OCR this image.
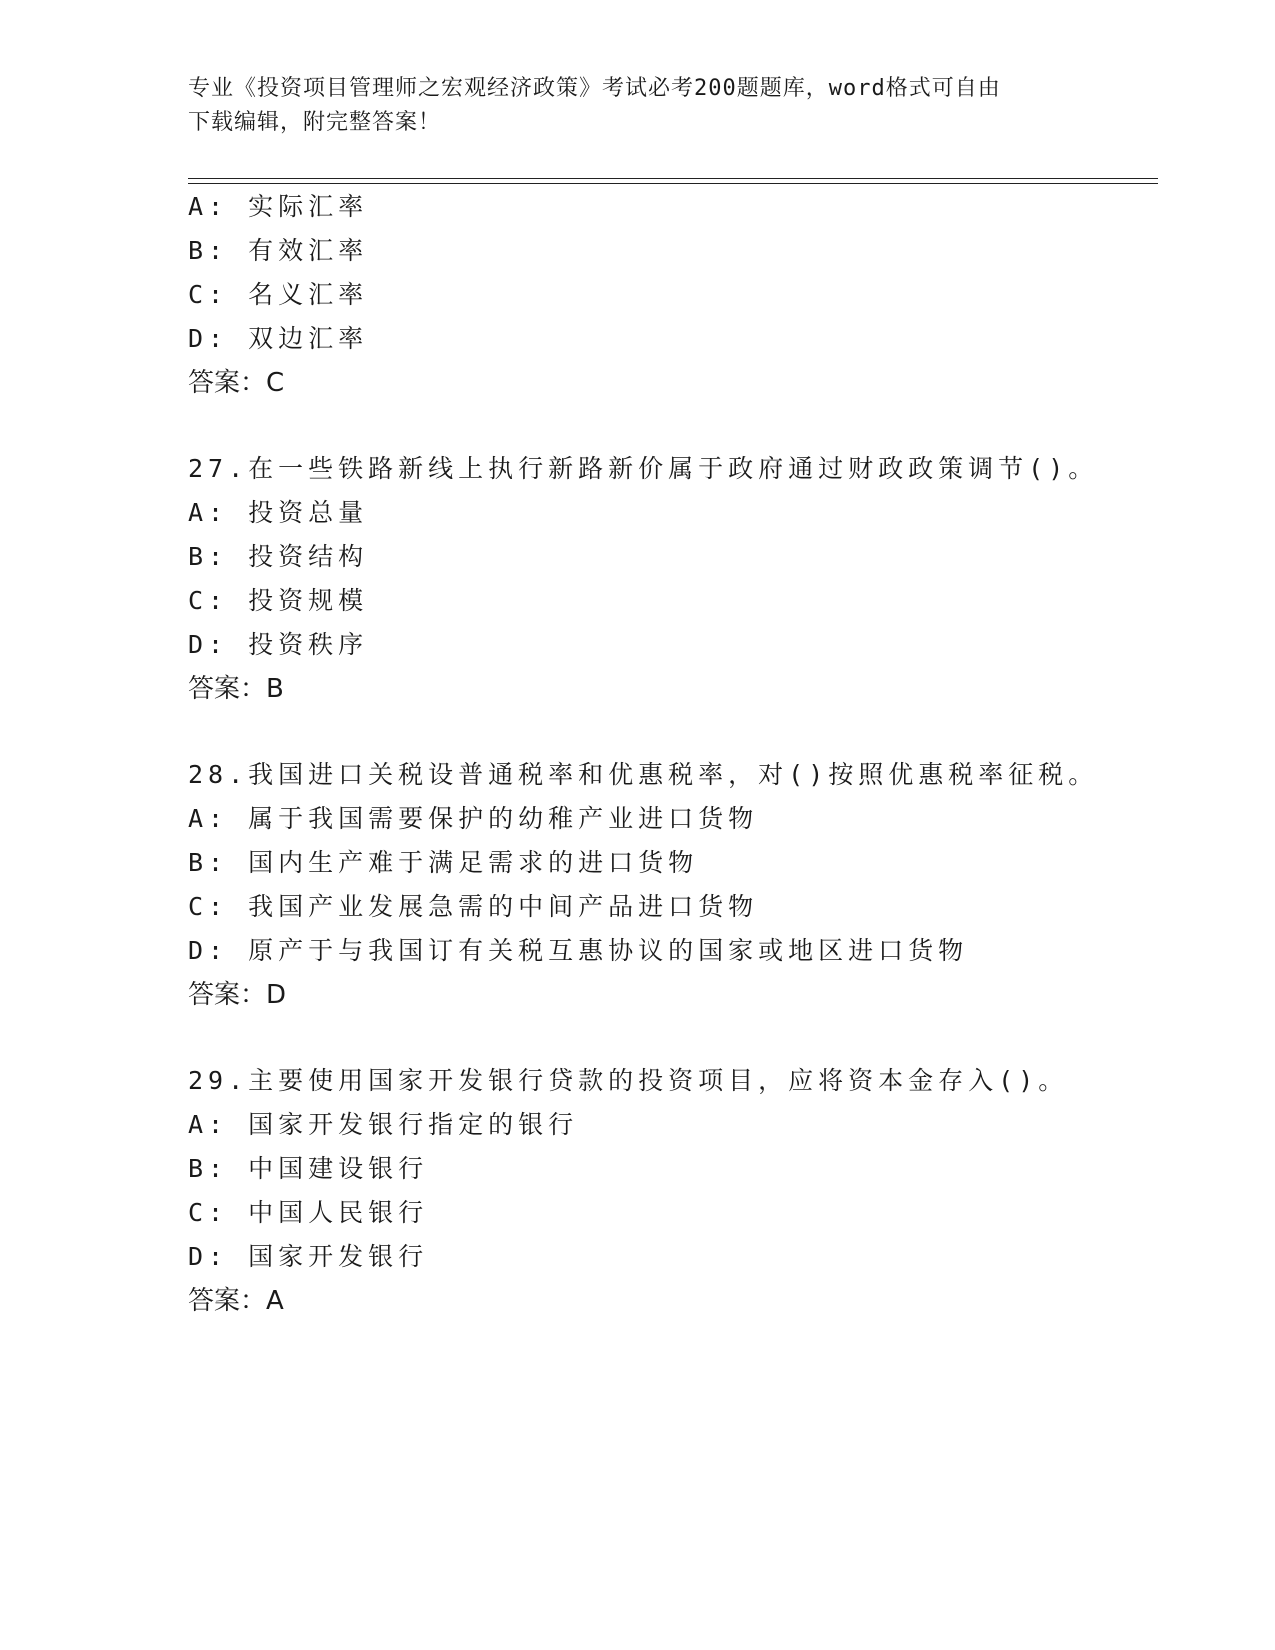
专业《投资项目管理师之宏观经济政策》考试必考200题题库，word格式可自由
下载编辑，附完整答案！
A: 实际汇率
B: 有效汇率
C: 名义汇率
D: 双边汇率
答案：C
27.在一些铁路新线上执行新路新价属于政府通过财政政策调节()。
A: 投资总量
B: 投资结构
C: 投资规模
D: 投资秩序
答案：B
28.我国进口关税设普通税率和优惠税率，对()按照优惠税率征税。
A: 属于我国需要保护的幼稚产业进口货物
B: 国内生产难于满足需求的进口货物
C: 我国产业发展急需的中间产品进口货物
D: 原产于与我国订有关税互惠协议的国家或地区进口货物
答案：D
29.主要使用国家开发银行贷款的投资项目，应将资本金存入()。
A: 国家开发银行指定的银行
B: 中国建设银行
C: 中国人民银行
D: 国家开发银行
答案：A
